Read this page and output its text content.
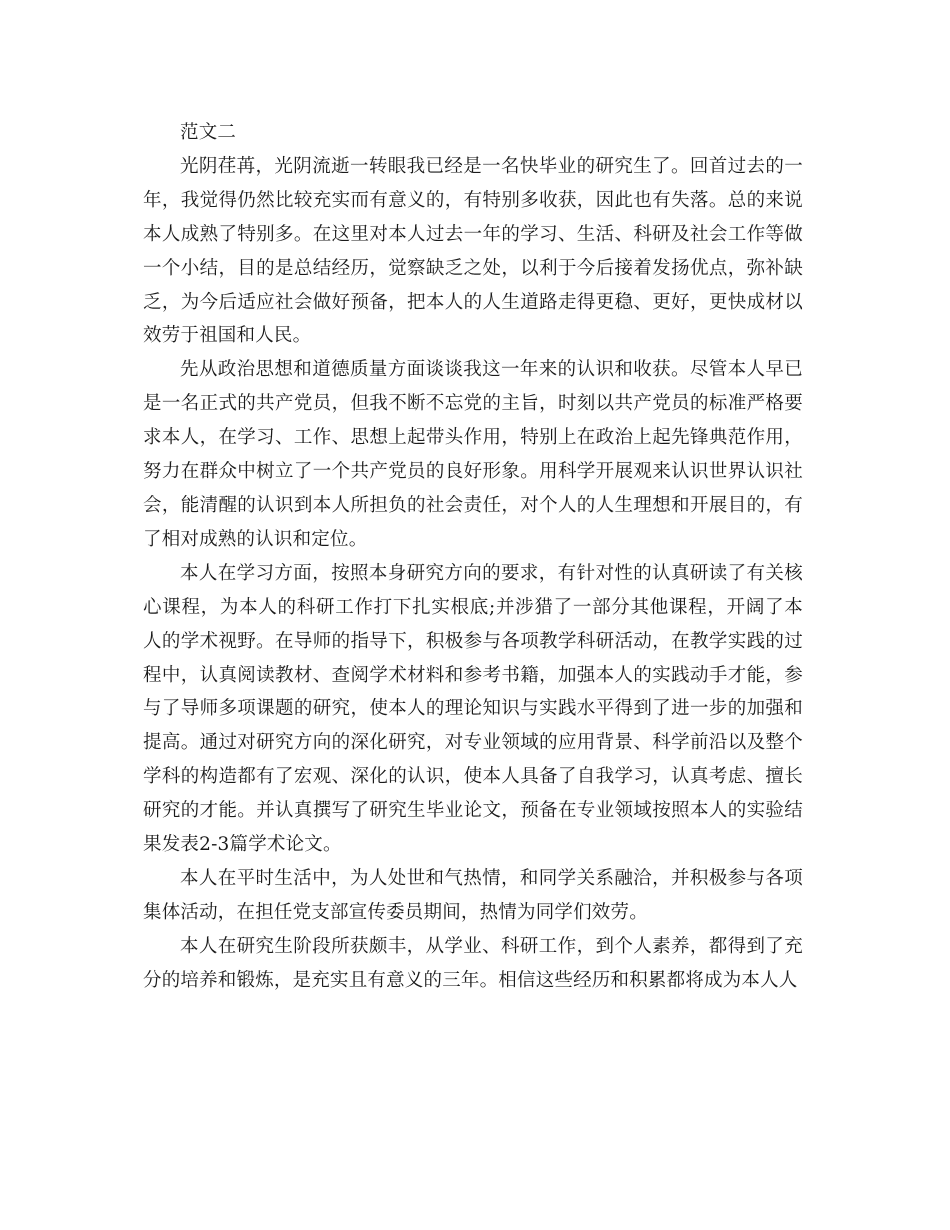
范文二

光阴荏苒，光阴流逝一转眼我已经是一名快毕业的研究生了。回首过去的一年，我觉得仍然比较充实而有意义的，有特别多收获，因此也有失落。总的来说本人成熟了特别多。在这里对本人过去一年的学习、生活、科研及社会工作等做一个小结，目的是总结经历，觉察缺乏之处，以利于今后接着发扬优点，弥补缺乏，为今后适应社会做好预备，把本人的人生道路走得更稳、更好，更快成材以效劳于祖国和人民。

先从政治思想和道德质量方面谈谈我这一年来的认识和收获。尽管本人早已是一名正式的共产党员，但我不断不忘党的主旨，时刻以共产党员的标准严格要求本人，在学习、工作、思想上起带头作用，特别上在政治上起先锋典范作用，努力在群众中树立了一个共产党员的良好形象。用科学开展观来认识世界认识社会，能清醒的认识到本人所担负的社会责任，对个人的人生理想和开展目的，有了相对成熟的认识和定位。

本人在学习方面，按照本身研究方向的要求，有针对性的认真研读了有关核心课程，为本人的科研工作打下扎实根底;并涉猎了一部分其他课程，开阔了本人的学术视野。在导师的指导下，积极参与各项教学科研活动，在教学实践的过程中，认真阅读教材、查阅学术材料和参考书籍，加强本人的实践动手才能，参与了导师多项课题的研究，使本人的理论知识与实践水平得到了进一步的加强和提高。通过对研究方向的深化研究，对专业领域的应用背景、科学前沿以及整个学科的构造都有了宏观、深化的认识，使本人具备了自我学习，认真考虑、擅长研究的才能。并认真撰写了研究生毕业论文，预备在专业领域按照本人的实验结果发表2-3篇学术论文。

本人在平时生活中，为人处世和气热情，和同学关系融洽，并积极参与各项集体活动，在担任党支部宣传委员期间，热情为同学们效劳。

本人在研究生阶段所获颇丰，从学业、科研工作，到个人素养，都得到了充分的培养和锻炼，是充实且有意义的三年。相信这些经历和积累都将成为本人人
